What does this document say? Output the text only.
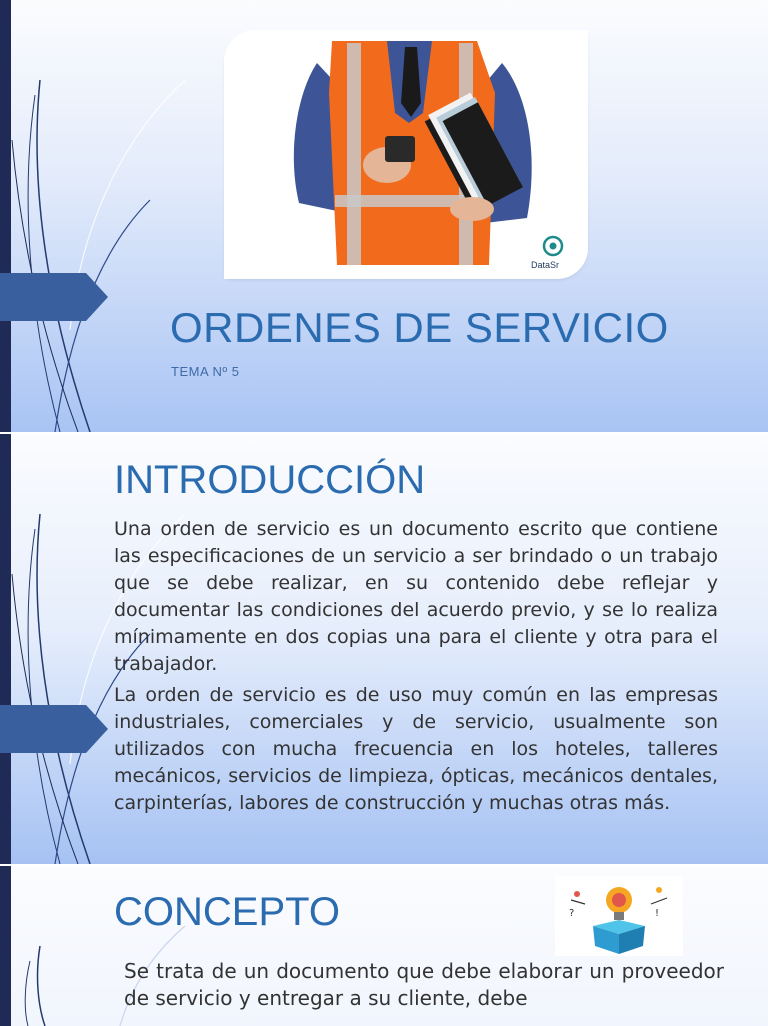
DataSr
ORDENES DE SERVICIO
TEMA Nº 5
INTRODUCCIÓN

Una orden de servicio es un documento escrito que contiene las especificaciones de un servicio a ser brindado o un trabajo que se debe realizar, en su contenido debe reflejar y documentar las condiciones del acuerdo previo, y se lo realiza mínimamente en dos copias una para el cliente y otra para el trabajador.

La orden de servicio es de uso muy común en las empresas industriales, comerciales y de servicio, usualmente son utilizados con mucha frecuencia en los hoteles, talleres mecánicos, servicios de limpieza, ópticas, mecánicos dentales, carpinterías, labores de construcción y muchas otras más.

CONCEPTO	?	!

Se trata de un documento que debe elaborar un proveedor de servicio y entregar a su cliente, debe
